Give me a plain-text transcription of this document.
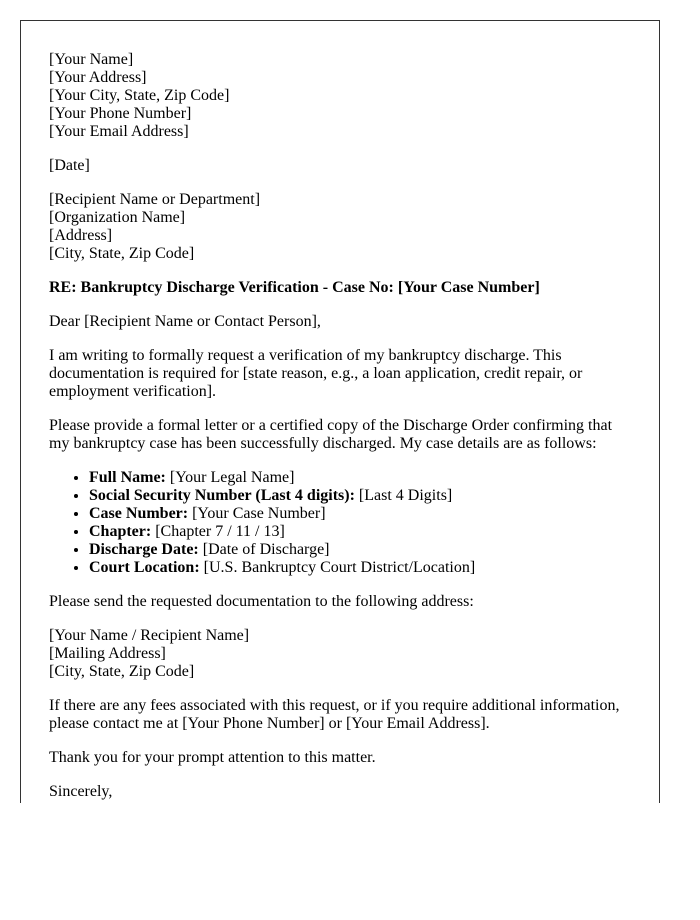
[Your Name]
[Your Address]
[Your City, State, Zip Code]
[Your Phone Number]
[Your Email Address]
[Date]
[Recipient Name or Department]
[Organization Name]
[Address]
[City, State, Zip Code]
RE: Bankruptcy Discharge Verification - Case No: [Your Case Number]
Dear [Recipient Name or Contact Person],
I am writing to formally request a verification of my bankruptcy discharge. This documentation is required for [state reason, e.g., a loan application, credit repair, or employment verification].
Please provide a formal letter or a certified copy of the Discharge Order confirming that my bankruptcy case has been successfully discharged. My case details are as follows:
• Full Name: [Your Legal Name]
• Social Security Number (Last 4 digits): [Last 4 Digits]
• Case Number: [Your Case Number]
• Chapter: [Chapter 7 / 11 / 13]
• Discharge Date: [Date of Discharge]
• Court Location: [U.S. Bankruptcy Court District/Location]
Please send the requested documentation to the following address:
[Your Name / Recipient Name]
[Mailing Address]
[City, State, Zip Code]
If there are any fees associated with this request, or if you require additional information, please contact me at [Your Phone Number] or [Your Email Address].
Thank you for your prompt attention to this matter.
Sincerely,
